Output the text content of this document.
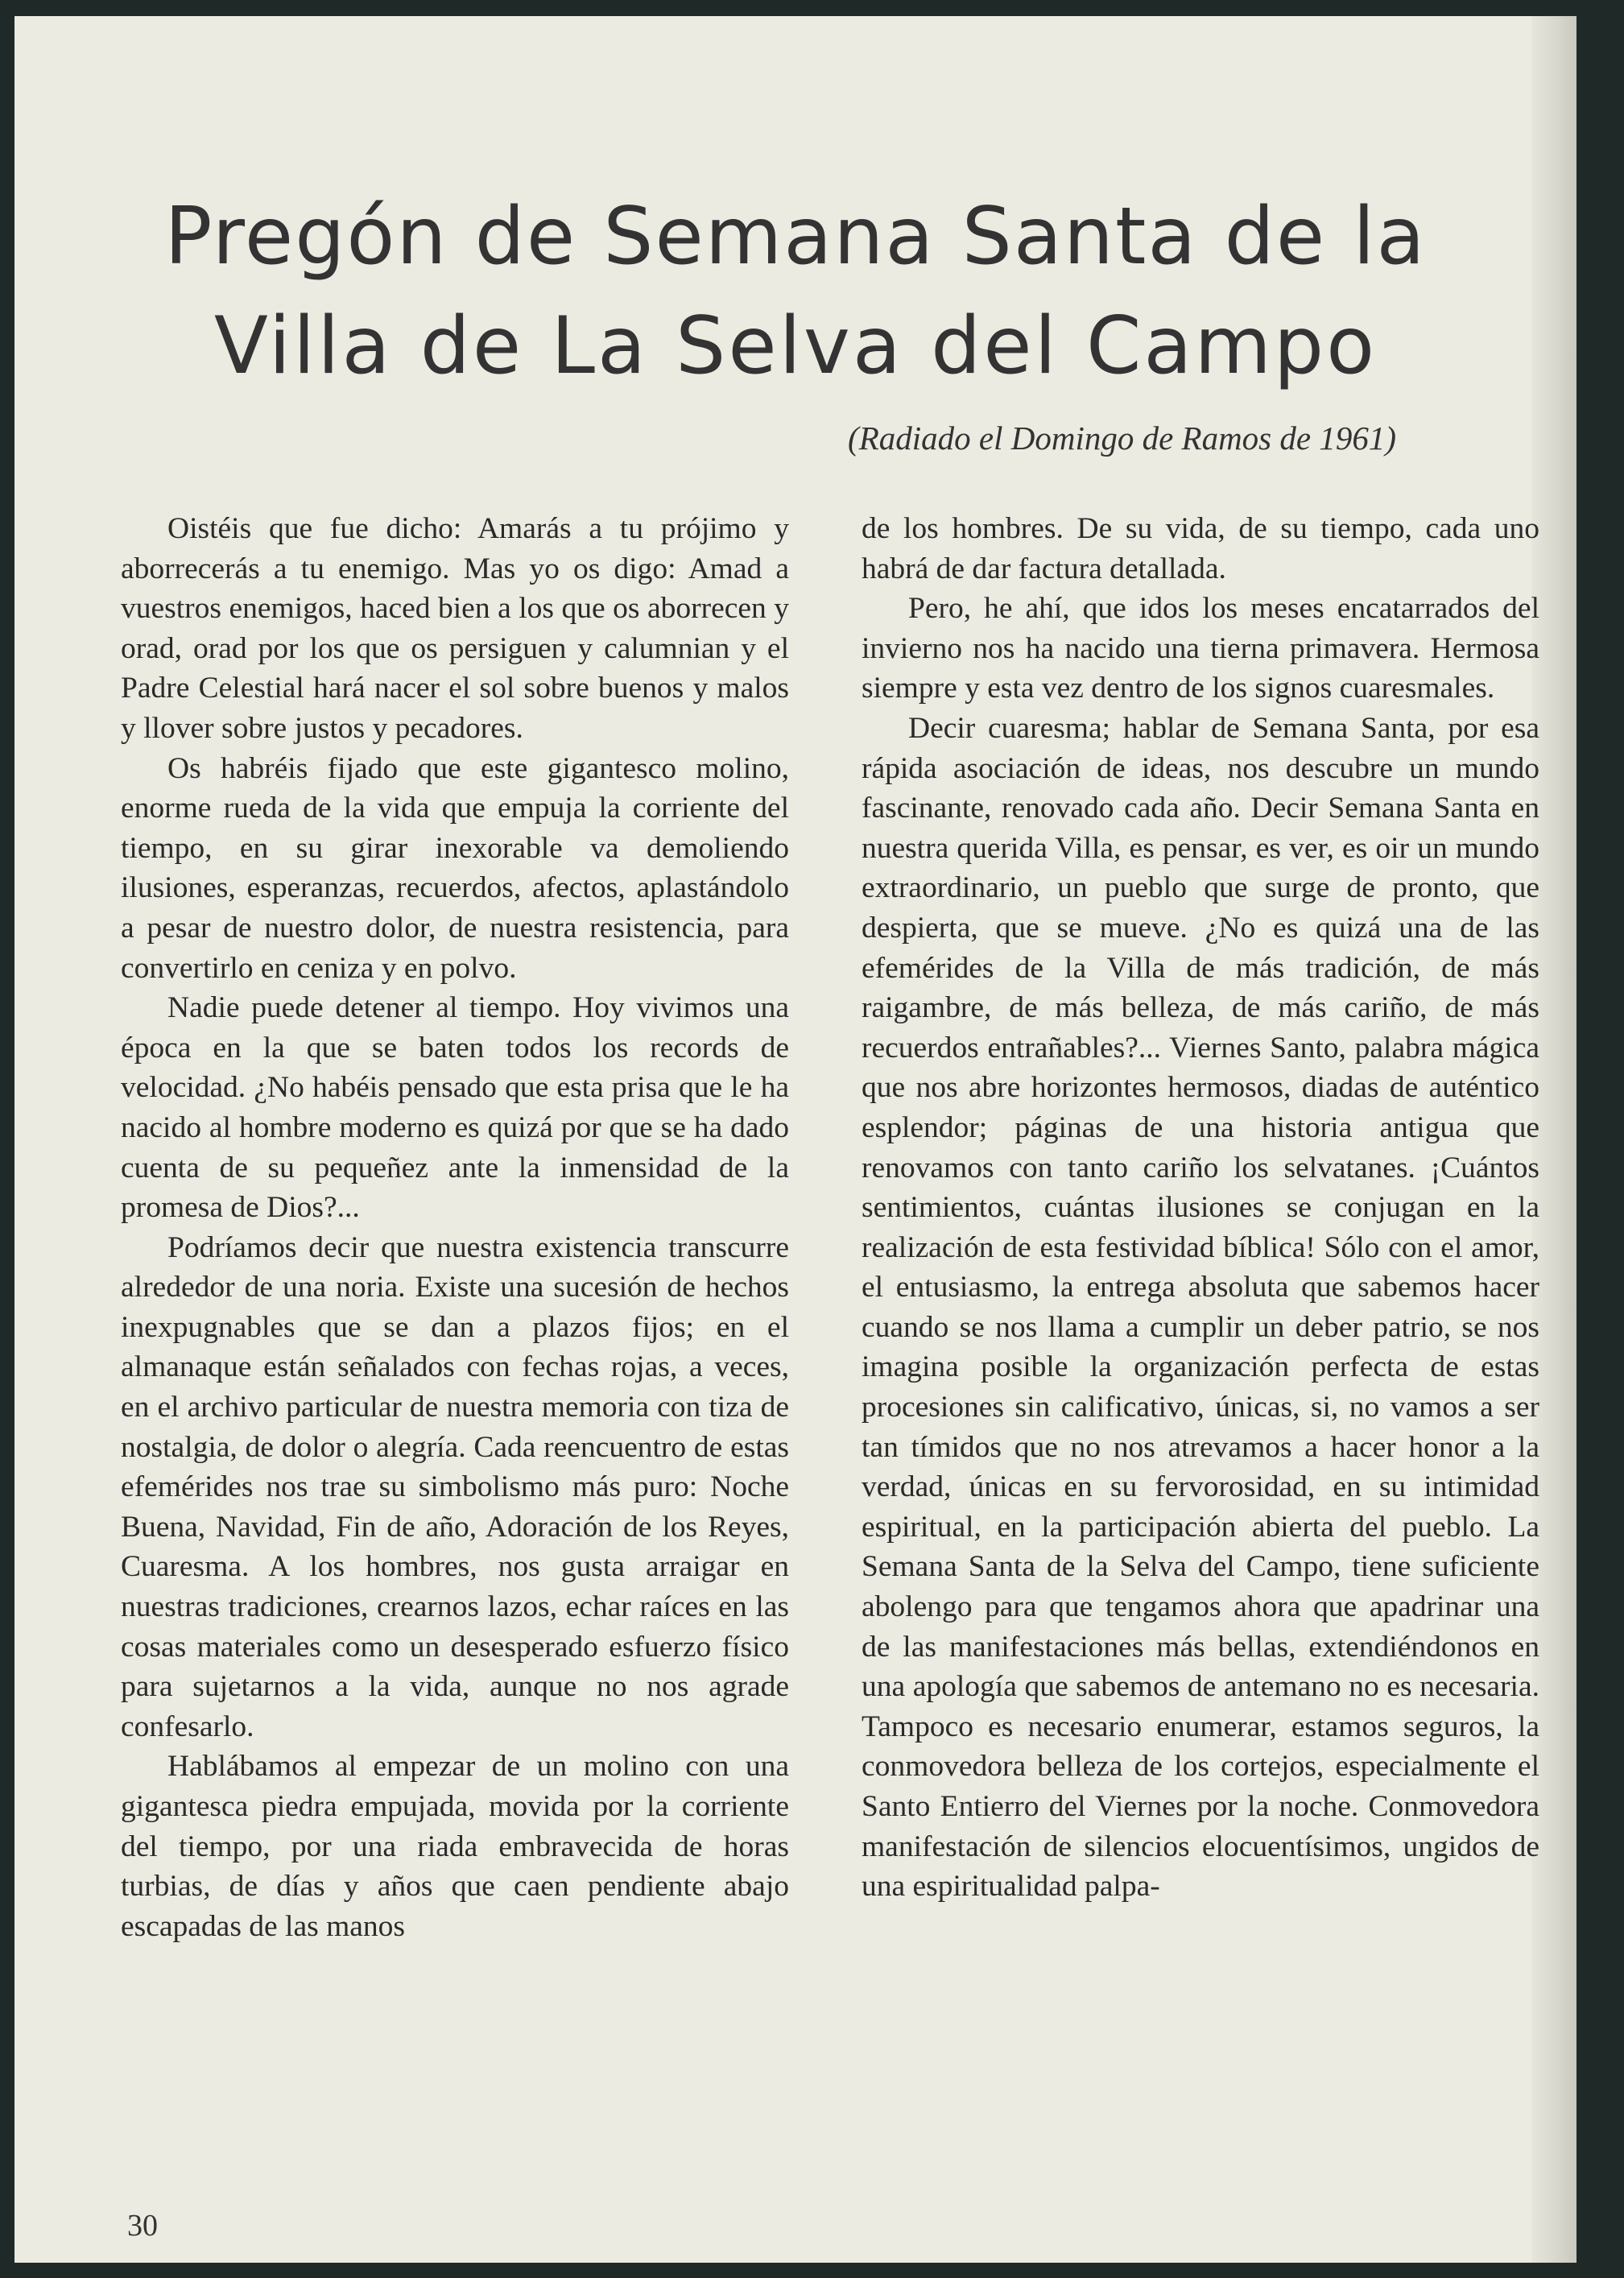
Pregón de Semana Santa de la
Villa de La Selva del Campo
(Radiado el Domingo de Ramos de 1961)

Oistéis que fue dicho: Amarás a tu prójimo y aborrecerás a tu enemigo. Mas yo os digo: Amad a vuestros enemigos, haced bien a los que os aborrecen y orad, orad por los que os persiguen y calumnian y el Padre Celestial hará nacer el sol sobre buenos y malos y llover sobre justos y pecadores.

Os habréis fijado que este gigantesco molino, enorme rueda de la vida que empuja la corriente del tiempo, en su girar inexorable va demoliendo ilusiones, esperanzas, recuerdos, afectos, aplastándolo a pesar de nuestro dolor, de nuestra resistencia, para convertirlo en ceniza y en polvo.

Nadie puede detener al tiempo. Hoy vivimos una época en la que se baten todos los records de velocidad. ¿No habéis pensado que esta prisa que le ha nacido al hombre moderno es quizá por que se ha dado cuenta de su pequeñez ante la inmensidad de la promesa de Dios?...

Podríamos decir que nuestra existencia transcurre alrededor de una noria. Existe una sucesión de hechos inexpugnables que se dan a plazos fijos; en el almanaque están señalados con fechas rojas, a veces, en el archivo particular de nuestra memoria con tiza de nostalgia, de dolor o alegría. Cada reencuentro de estas efemérides nos trae su simbolismo más puro: Noche Buena, Navidad, Fin de año, Adoración de los Reyes, Cuaresma. A los hombres, nos gusta arraigar en nuestras tradiciones, crearnos lazos, echar raíces en las cosas materiales como un desesperado esfuerzo físico para sujetarnos a la vida, aunque no nos agrade confesarlo.

Hablábamos al empezar de un molino con una gigantesca piedra empujada, movida por la corriente del tiempo, por una riada embravecida de horas turbias, de días y años que caen pendiente abajo escapadas de las manos

de los hombres. De su vida, de su tiempo, cada uno habrá de dar factura detallada.

Pero, he ahí, que idos los meses encatarrados del invierno nos ha nacido una tierna primavera. Hermosa siempre y esta vez dentro de los signos cuaresmales.

Decir cuaresma; hablar de Semana Santa, por esa rápida asociación de ideas, nos descubre un mundo fascinante, renovado cada año. Decir Semana Santa en nuestra querida Villa, es pensar, es ver, es oir un mundo extraordinario, un pueblo que surge de pronto, que despierta, que se mueve. ¿No es quizá una de las efemérides de la Villa de más tradición, de más raigambre, de más belleza, de más cariño, de más recuerdos entrañables?... Viernes Santo, palabra mágica que nos abre horizontes hermosos, diadas de auténtico esplendor; páginas de una historia antigua que renovamos con tanto cariño los selvatanes. ¡Cuántos sentimientos, cuántas ilusiones se conjugan en la realización de esta festividad bíblica! Sólo con el amor, el entusiasmo, la entrega absoluta que sabemos hacer cuando se nos llama a cumplir un deber patrio, se nos imagina posible la organización perfecta de estas procesiones sin calificativo, únicas, si, no vamos a ser tan tímidos que no nos atrevamos a hacer honor a la verdad, únicas en su fervorosidad, en su intimidad espiritual, en la participación abierta del pueblo. La Semana Santa de la Selva del Campo, tiene suficiente abolengo para que tengamos ahora que apadrinar una de las manifestaciones más bellas, extendiéndonos en una apología que sabemos de antemano no es necesaria. Tampoco es necesario enumerar, estamos seguros, la conmovedora belleza de los cortejos, especialmente el Santo Entierro del Viernes por la noche. Conmovedora manifestación de silencios elocuentísimos, ungidos de una espiritualidad palpa-

30
